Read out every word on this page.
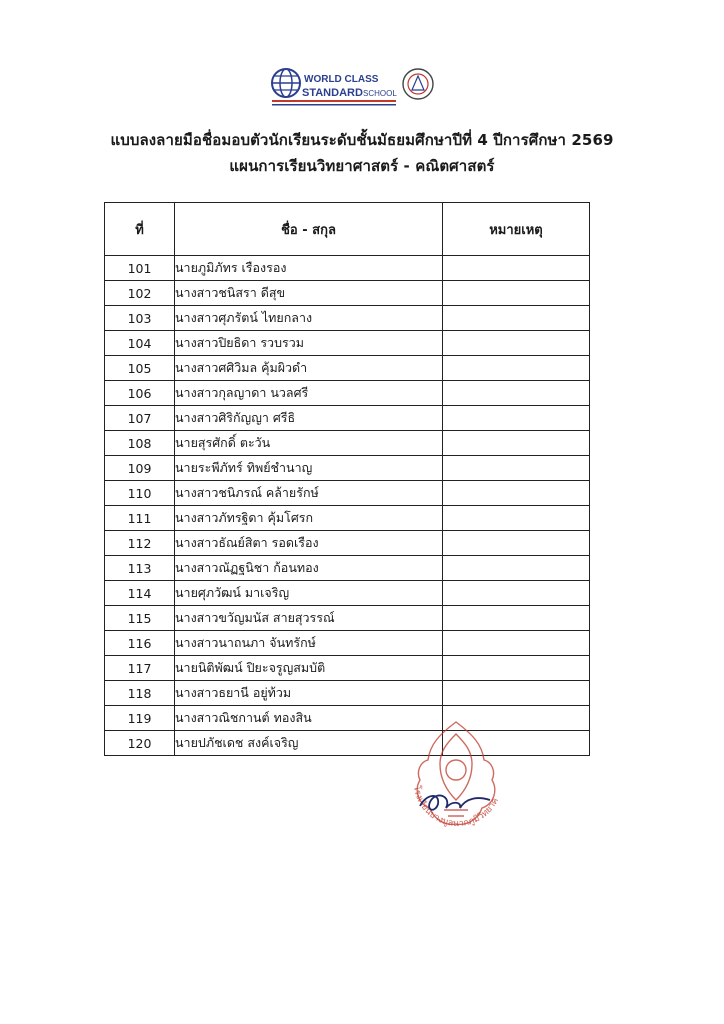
WORLD CLASS
STANDARD SCHOOL
แบบลงลายมือชื่อมอบตัวนักเรียนระดับชั้นมัธยมศึกษาปีที่ 4 ปีการศึกษา 2569
แผนการเรียนวิทยาศาสตร์ - คณิตศาสตร์
ที่	ชื่อ - สกุล	หมายเหตุ
101	นายภูมิภัทร เรืองรอง	
102	นางสาวชนิสรา ดีสุข	
103	นางสาวศุภรัตน์ ไทยกลาง	
104	นางสาวปิยธิดา รวบรวม	
105	นางสาวศศิวิมล คุ้มผิวดำ	
106	นางสาวกุลญาดา นวลศรี	
107	นางสาวศิริกัญญา ศรีธิ	
108	นายสุรศักดิ์ ตะวัน	
109	นายระพีภัทร์ ทิพย์ชำนาญ	
110	นางสาวชนิภรณ์ คล้ายรักษ์	
111	นางสาวภัทรฐิดา คุ้มโศรก	
112	นางสาวธัณย์สิตา รอดเรือง	
113	นางสาวณัฏฐนิชา ก้อนทอง	
114	นายศุภวัฒน์ มาเจริญ	
115	นางสาวขวัญมนัส สายสุวรรณ์	
116	นางสาวนาถนภา จันทรักษ์	
117	นายนิติพัฒน์ ปิยะจรูญสมบัติ	
118	นางสาวธยานี อยู่ท้วม	
119	นางสาวณิชกานต์ ทองสิน	
120	นายปภัชเดช สงค์เจริญ	
โรงเรียนบางมูลนากภูมิวิทยาค
